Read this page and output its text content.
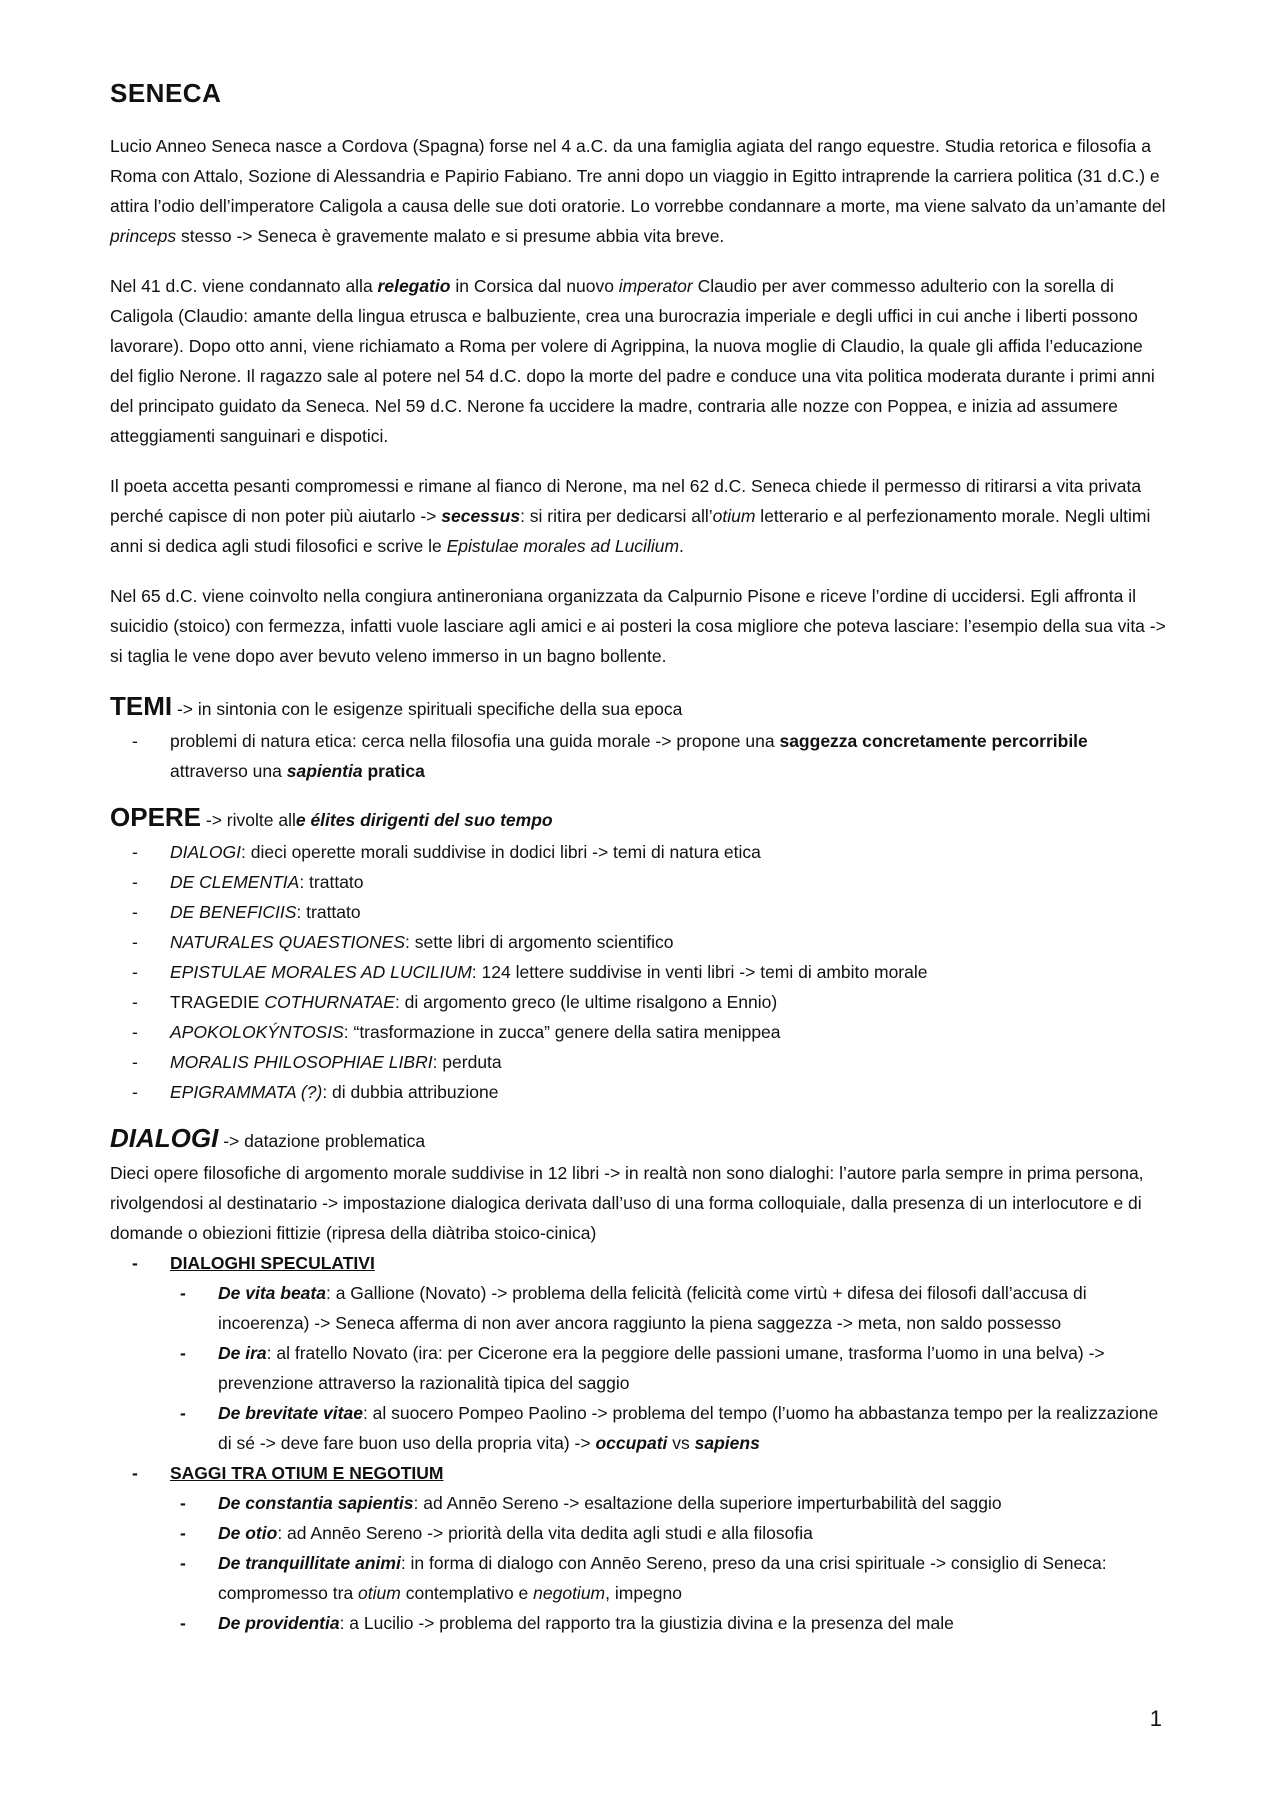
SENECA

Lucio Anneo Seneca nasce a Cordova (Spagna) forse nel 4 a.C. da una famiglia agiata del rango equestre. Studia retorica e filosofia a Roma con Attalo, Sozione di Alessandria e Papirio Fabiano. Tre anni dopo un viaggio in Egitto intraprende la carriera politica (31 d.C.) e attira l’odio dell’imperatore Caligola a causa delle sue doti oratorie. Lo vorrebbe condannare a morte, ma viene salvato da un’amante del princeps stesso -> Seneca è gravemente malato e si presume abbia vita breve.

Nel 41 d.C. viene condannato alla relegatio in Corsica dal nuovo imperator Claudio per aver commesso adulterio con la sorella di Caligola (Claudio: amante della lingua etrusca e balbuziente, crea una burocrazia imperiale e degli uffici in cui anche i liberti possono lavorare). Dopo otto anni, viene richiamato a Roma per volere di Agrippina, la nuova moglie di Claudio, la quale gli affida l’educazione del figlio Nerone. Il ragazzo sale al potere nel 54 d.C. dopo la morte del padre e conduce una vita politica moderata durante i primi anni del principato guidato da Seneca. Nel 59 d.C. Nerone fa uccidere la madre, contraria alle nozze con Poppea, e inizia ad assumere atteggiamenti sanguinari e dispotici.

Il poeta accetta pesanti compromessi e rimane al fianco di Nerone, ma nel 62 d.C. Seneca chiede il permesso di ritirarsi a vita privata perché capisce di non poter più aiutarlo -> secessus: si ritira per dedicarsi all’otium letterario e al perfezionamento morale. Negli ultimi anni si dedica agli studi filosofici e scrive le Epistulae morales ad Lucilium.

Nel 65 d.C. viene coinvolto nella congiura antineroniana organizzata da Calpurnio Pisone e riceve l’ordine di uccidersi. Egli affronta il suicidio (stoico) con fermezza, infatti vuole lasciare agli amici e ai posteri la cosa migliore che poteva lasciare: l’esempio della sua vita -> si taglia le vene dopo aver bevuto veleno immerso in un bagno bollente.

TEMI -> in sintonia con le esigenze spirituali specifiche della sua epoca
- problemi di natura etica: cerca nella filosofia una guida morale -> propone una saggezza concretamente percorribile attraverso una sapientia pratica
OPERE -> rivolte alle élites dirigenti del suo tempo
- DIALOGI: dieci operette morali suddivise in dodici libri -> temi di natura etica
- DE CLEMENTIA: trattato
- DE BENEFICIIS: trattato
- NATURALES QUAESTIONES: sette libri di argomento scientifico
- EPISTULAE MORALES AD LUCILIUM: 124 lettere suddivise in venti libri -> temi di ambito morale
- TRAGEDIE COTHURNATAE: di argomento greco (le ultime risalgono a Ennio)
- APOKOLOKÝNTOSIS: “trasformazione in zucca” genere della satira menippea
- MORALIS PHILOSOPHIAE LIBRI: perduta
- EPIGRAMMATA (?): di dubbia attribuzione
DIALOGI -> datazione problematica

Dieci opere filosofiche di argomento morale suddivise in 12 libri -> in realtà non sono dialoghi: l’autore parla sempre in prima persona, rivolgendosi al destinatario -> impostazione dialogica derivata dall’uso di una forma colloquiale, dalla presenza di un interlocutore e di domande o obiezioni fittizie (ripresa della diàtriba stoico-cinica)

- DIALOGHI SPECULATIVI
- De vita beata: a Gallione (Novato) -> problema della felicità (felicità come virtù + difesa dei filosofi dall’accusa di incoerenza) -> Seneca afferma di non aver ancora raggiunto la piena saggezza -> meta, non saldo possesso
- De ira: al fratello Novato (ira: per Cicerone era la peggiore delle passioni umane, trasforma l’uomo in una belva) -> prevenzione attraverso la razionalità tipica del saggio
- De brevitate vitae: al suocero Pompeo Paolino -> problema del tempo (l’uomo ha abbastanza tempo per la realizzazione di sé -> deve fare buon uso della propria vita) -> occupati vs sapiens
- SAGGI TRA OTIUM E NEGOTIUM
- De constantia sapientis: ad Annēo Sereno -> esaltazione della superiore imperturbabilità del saggio
- De otio: ad Annēo Sereno -> priorità della vita dedita agli studi e alla filosofia
- De tranquillitate animi: in forma di dialogo con Annēo Sereno, preso da una crisi spirituale -> consiglio di Seneca: compromesso tra otium contemplativo e negotium, impegno
- De providentia: a Lucilio -> problema del rapporto tra la giustizia divina e la presenza del male
1
